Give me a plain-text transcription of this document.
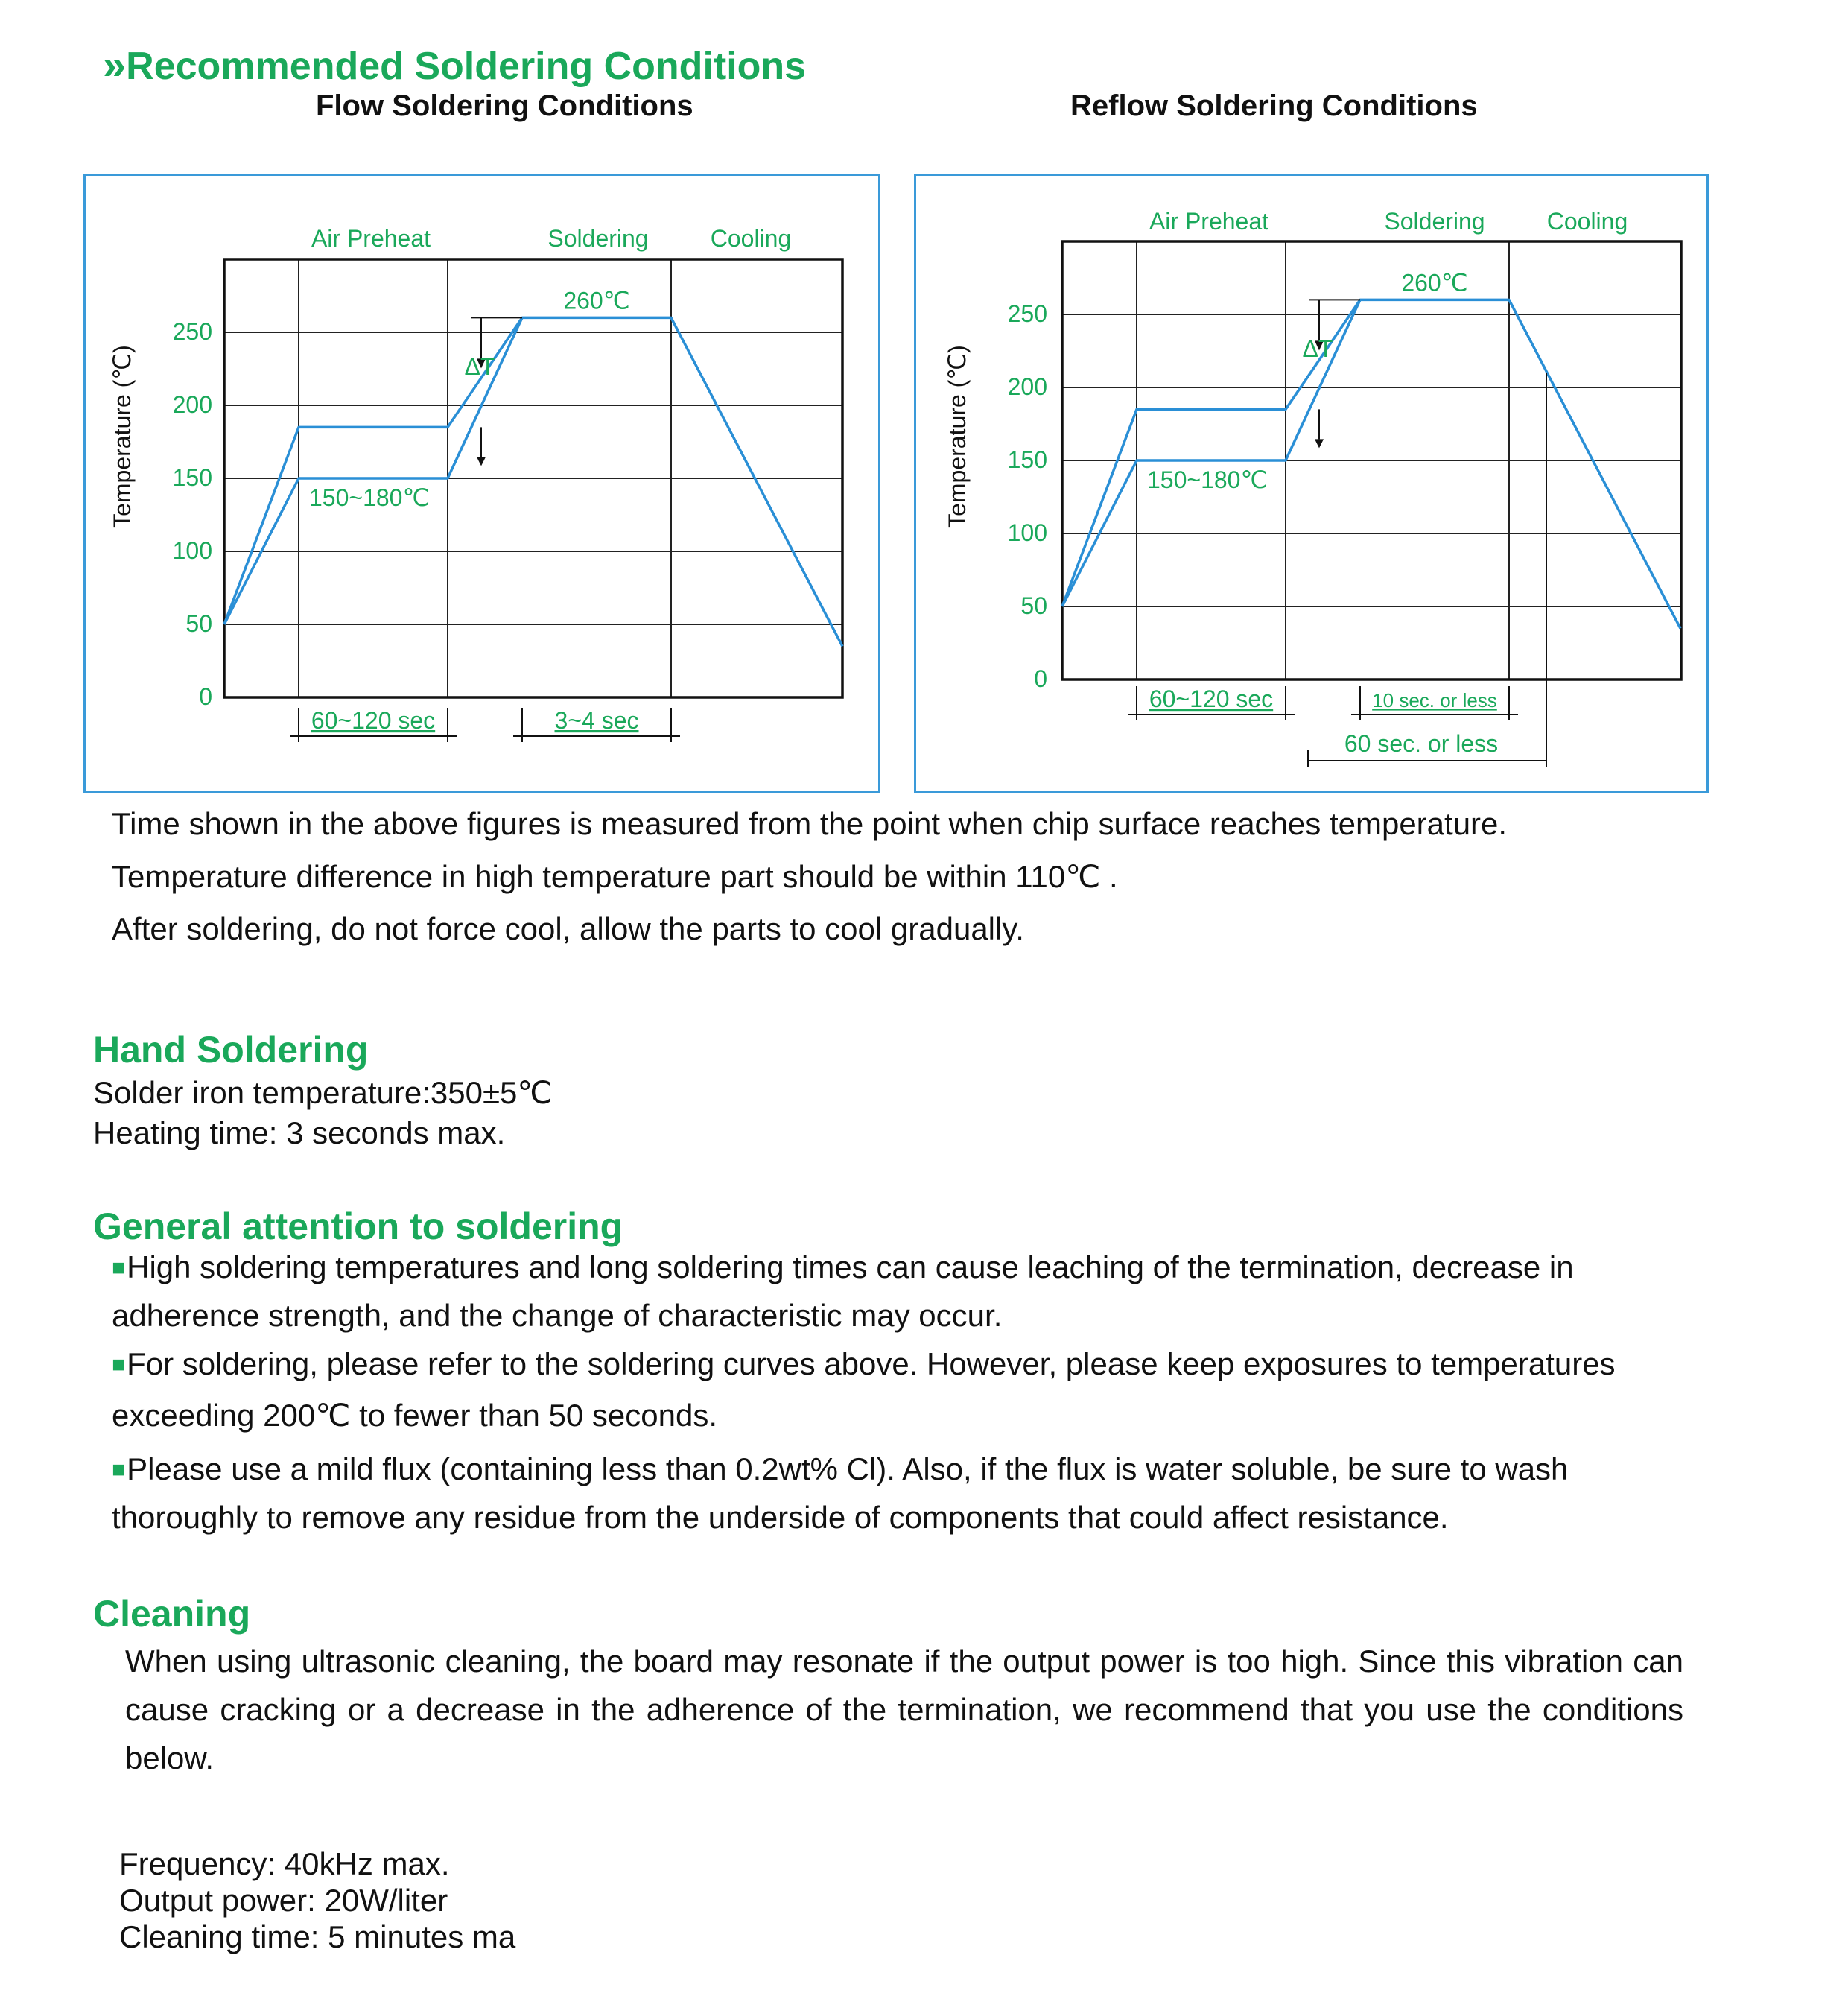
»Recommended Soldering Conditions
Flow Soldering Conditions	Reflow Soldering Conditions
250
200
150
100
50
0
Temperature (℃)
Air Preheat	Soldering	Cooling
150~180℃
260℃
ΔT
60~120 sec	3~4 sec
250
200
150
100
50
0
Temperature (℃)
Air Preheat	Soldering	Cooling
150~180℃
260℃
ΔT
60~120 sec	10 sec. or less
60 sec. or less
Time shown in the above figures is measured from the point when chip surface reaches temperature.
Temperature difference in high temperature part should be within 110℃ .
After soldering, do not force cool, allow the parts to cool gradually.
Hand Soldering
Solder iron temperature:350±5℃
Heating time: 3 seconds max.
General attention to soldering
■High soldering temperatures and long soldering times can cause leaching of the termination, decrease in
adherence strength, and the change of characteristic may occur.
■For soldering, please refer to the soldering curves above. However, please keep exposures to temperatures
exceeding 200℃ to fewer than 50 seconds.
■Please use a mild flux (containing less than 0.2wt% Cl). Also, if the flux is water soluble, be sure to wash
thoroughly to remove any residue from the underside of components that could affect resistance.
Cleaning
When using ultrasonic cleaning, the board may resonate if the output power is too high. Since this vibration can cause cracking or a decrease in the adherence of the termination, we recommend that you use the conditions below.
Frequency: 40kHz max.
Output power: 20W/liter
Cleaning time: 5 minutes ma
